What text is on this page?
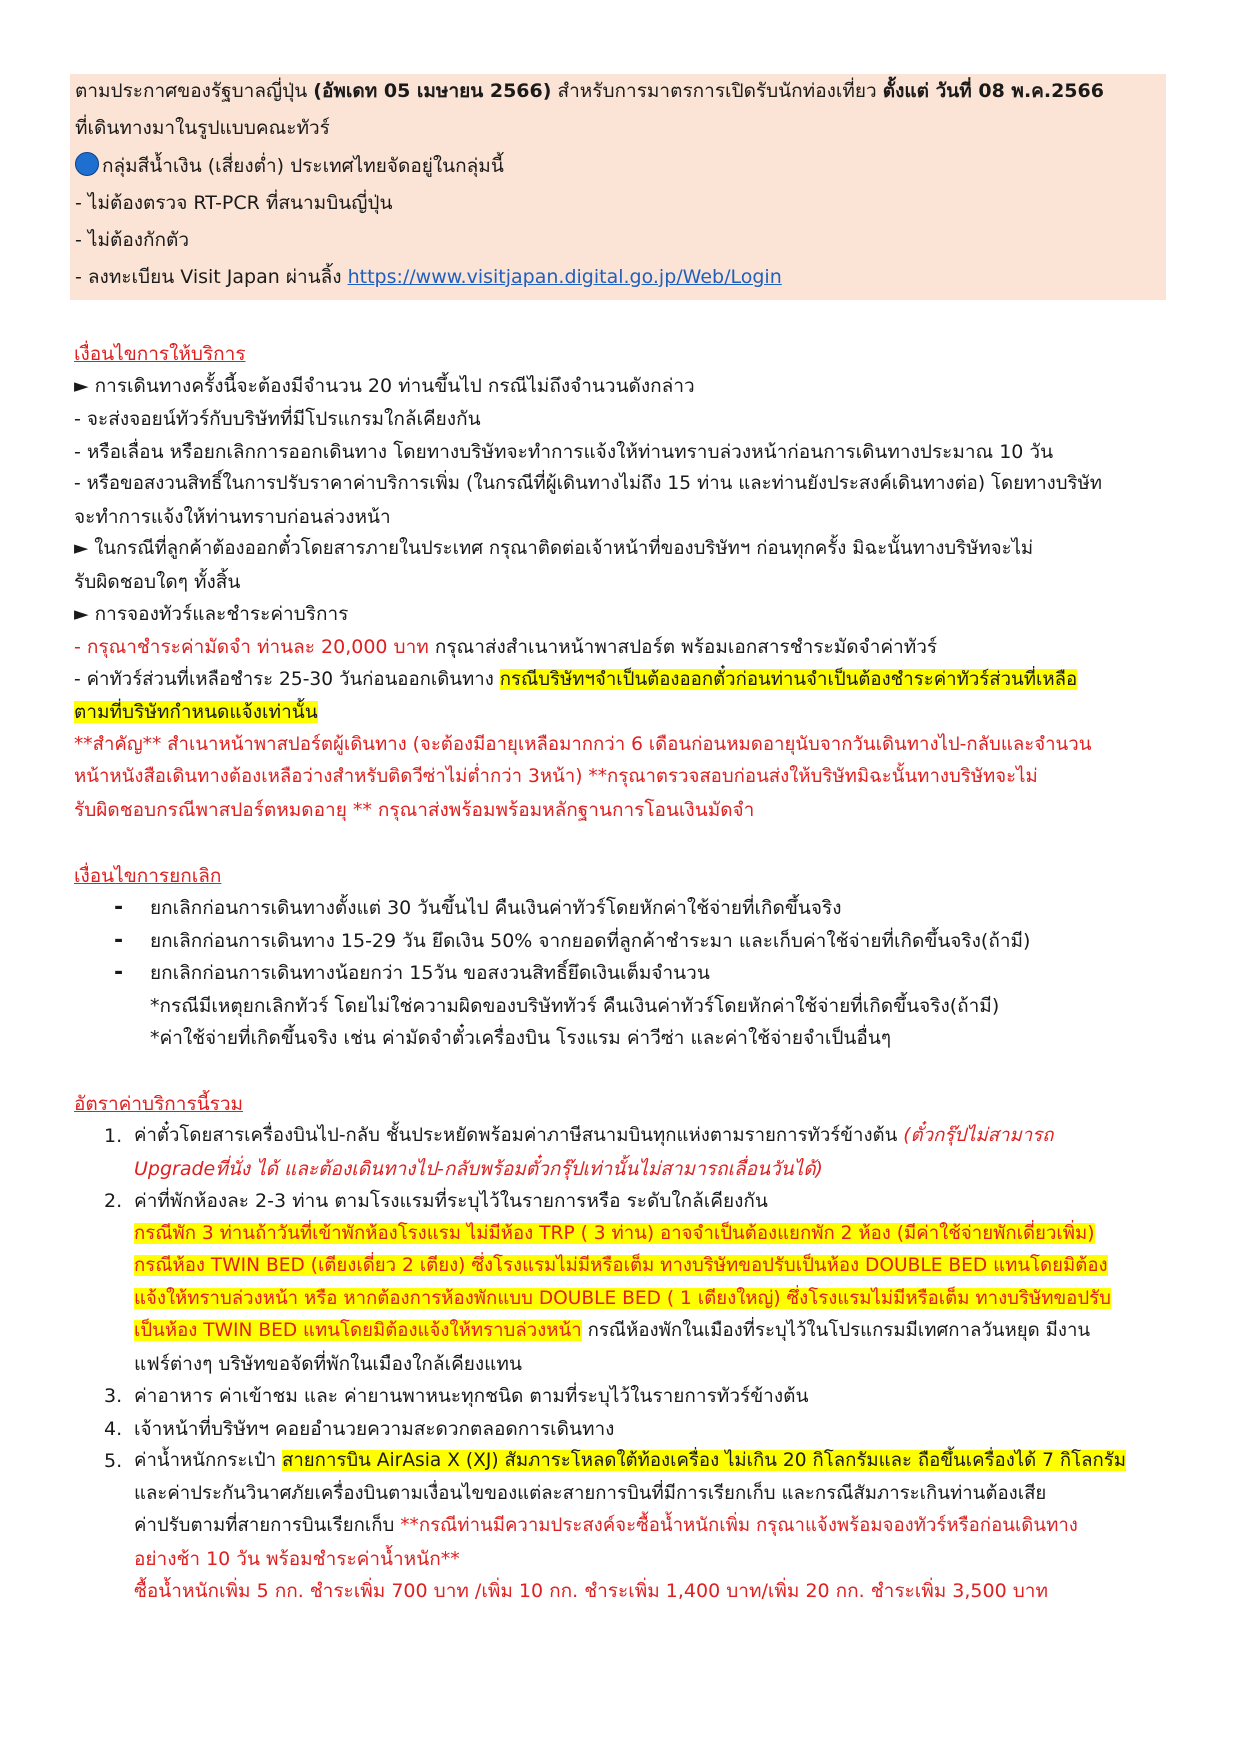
ตามประกาศของรัฐบาลญี่ปุ่น (อัพเดท 05 เมษายน 2566) สำหรับการมาตรการเปิดรับนักท่องเที่ยว ตั้งแต่ วันที่ 08 พ.ค.2566
ที่เดินทางมาในรูปแบบคณะทัวร์
กลุ่มสีน้ำเงิน (เสี่ยงต่ำ) ประเทศไทยจัดอยู่ในกลุ่มนี้
- ไม่ต้องตรวจ RT-PCR ที่สนามบินญี่ปุ่น
- ไม่ต้องกักตัว
- ลงทะเบียน Visit Japan ผ่านลิ้ง https://www.visitjapan.digital.go.jp/Web/Login
เงื่อนไขการให้บริการ
► การเดินทางครั้งนี้จะต้องมีจำนวน 20 ท่านขึ้นไป กรณีไม่ถึงจำนวนดังกล่าว
- จะส่งจอยน์ทัวร์กับบริษัทที่มีโปรแกรมใกล้เคียงกัน
- หรือเลื่อน หรือยกเลิกการออกเดินทาง โดยทางบริษัทจะทำการแจ้งให้ท่านทราบล่วงหน้าก่อนการเดินทางประมาณ 10 วัน
- หรือขอสงวนสิทธิ์ในการปรับราคาค่าบริการเพิ่ม (ในกรณีที่ผู้เดินทางไม่ถึง 15 ท่าน และท่านยังประสงค์เดินทางต่อ) โดยทางบริษัท
จะทำการแจ้งให้ท่านทราบก่อนล่วงหน้า
► ในกรณีที่ลูกค้าต้องออกตั๋วโดยสารภายในประเทศ กรุณาติดต่อเจ้าหน้าที่ของบริษัทฯ ก่อนทุกครั้ง มิฉะนั้นทางบริษัทจะไม่
รับผิดชอบใดๆ ทั้งสิ้น
► การจองทัวร์และชำระค่าบริการ
- กรุณาชำระค่ามัดจำ ท่านละ 20,000 บาท กรุณาส่งสำเนาหน้าพาสปอร์ต พร้อมเอกสารชำระมัดจำค่าทัวร์
- ค่าทัวร์ส่วนที่เหลือชำระ 25-30 วันก่อนออกเดินทาง กรณีบริษัทฯจำเป็นต้องออกตั๋วก่อนท่านจำเป็นต้องชำระค่าทัวร์ส่วนที่เหลือ
ตามที่บริษัทกำหนดแจ้งเท่านั้น
**สำคัญ** สำเนาหน้าพาสปอร์ตผู้เดินทาง (จะต้องมีอายุเหลือมากกว่า 6 เดือนก่อนหมดอายุนับจากวันเดินทางไป-กลับและจำนวน
หน้าหนังสือเดินทางต้องเหลือว่างสำหรับติดวีซ่าไม่ต่ำกว่า 3หน้า) **กรุณาตรวจสอบก่อนส่งให้บริษัทมิฉะนั้นทางบริษัทจะไม่
รับผิดชอบกรณีพาสปอร์ตหมดอายุ ** กรุณาส่งพร้อมพร้อมหลักฐานการโอนเงินมัดจำ
เงื่อนไขการยกเลิก
- ยกเลิกก่อนการเดินทางตั้งแต่ 30 วันขึ้นไป คืนเงินค่าทัวร์โดยหักค่าใช้จ่ายที่เกิดขึ้นจริง
- ยกเลิกก่อนการเดินทาง 15-29 วัน ยึดเงิน 50% จากยอดที่ลูกค้าชำระมา และเก็บค่าใช้จ่ายที่เกิดขึ้นจริง(ถ้ามี)
- ยกเลิกก่อนการเดินทางน้อยกว่า 15วัน ขอสงวนสิทธิ์ยึดเงินเต็มจำนวน
*กรณีมีเหตุยกเลิกทัวร์ โดยไม่ใช่ความผิดของบริษัททัวร์ คืนเงินค่าทัวร์โดยหักค่าใช้จ่ายที่เกิดขึ้นจริง(ถ้ามี)
*ค่าใช้จ่ายที่เกิดขึ้นจริง เช่น ค่ามัดจำตั๋วเครื่องบิน โรงแรม ค่าวีซ่า และค่าใช้จ่ายจำเป็นอื่นๆ
อัตราค่าบริการนี้รวม
1. ค่าตั๋วโดยสารเครื่องบินไป-กลับ ชั้นประหยัดพร้อมค่าภาษีสนามบินทุกแห่งตามรายการทัวร์ข้างต้น (ตั๋วกรุ๊ปไม่สามารถ
Upgradeที่นั่ง ได้ และต้องเดินทางไป-กลับพร้อมตั๋วกรุ๊ปเท่านั้นไม่สามารถเลื่อนวันได้)
2. ค่าที่พักห้องละ 2-3 ท่าน ตามโรงแรมที่ระบุไว้ในรายการหรือ ระดับใกล้เคียงกัน
กรณีพัก 3 ท่านถ้าวันที่เข้าพักห้องโรงแรม ไม่มีห้อง TRP ( 3 ท่าน) อาจจำเป็นต้องแยกพัก 2 ห้อง (มีค่าใช้จ่ายพักเดี่ยวเพิ่ม)
กรณีห้อง TWIN BED (เตียงเดี่ยว 2 เตียง) ซึ่งโรงแรมไม่มีหรือเต็ม ทางบริษัทขอปรับเป็นห้อง DOUBLE BED แทนโดยมิต้อง
แจ้งให้ทราบล่วงหน้า หรือ หากต้องการห้องพักแบบ DOUBLE BED ( 1 เตียงใหญ่) ซึ่งโรงแรมไม่มีหรือเต็ม ทางบริษัทขอปรับ
เป็นห้อง TWIN BED แทนโดยมิต้องแจ้งให้ทราบล่วงหน้า กรณีห้องพักในเมืองที่ระบุไว้ในโปรแกรมมีเทศกาลวันหยุด มีงาน
แฟร์ต่างๆ บริษัทขอจัดที่พักในเมืองใกล้เคียงแทน
3. ค่าอาหาร ค่าเข้าชม และ ค่ายานพาหนะทุกชนิด ตามที่ระบุไว้ในรายการทัวร์ข้างต้น
4. เจ้าหน้าที่บริษัทฯ คอยอำนวยความสะดวกตลอดการเดินทาง
5. ค่าน้ำหนักกระเป๋า สายการบิน AirAsia X (XJ) สัมภาระโหลดใต้ท้องเครื่อง ไม่เกิน 20 กิโลกรัมและ ถือขึ้นเครื่องได้ 7 กิโลกรัม
และค่าประกันวินาศภัยเครื่องบินตามเงื่อนไขของแต่ละสายการบินที่มีการเรียกเก็บ และกรณีสัมภาระเกินท่านต้องเสีย
ค่าปรับตามที่สายการบินเรียกเก็บ **กรณีท่านมีความประสงค์จะซื้อน้ำหนักเพิ่ม กรุณาแจ้งพร้อมจองทัวร์หรือก่อนเดินทาง
อย่างช้า 10 วัน พร้อมชำระค่าน้ำหนัก**
ซื้อน้ำหนักเพิ่ม 5 กก. ชำระเพิ่ม 700 บาท /เพิ่ม 10 กก. ชำระเพิ่ม 1,400 บาท/เพิ่ม 20 กก. ชำระเพิ่ม 3,500 บาท
